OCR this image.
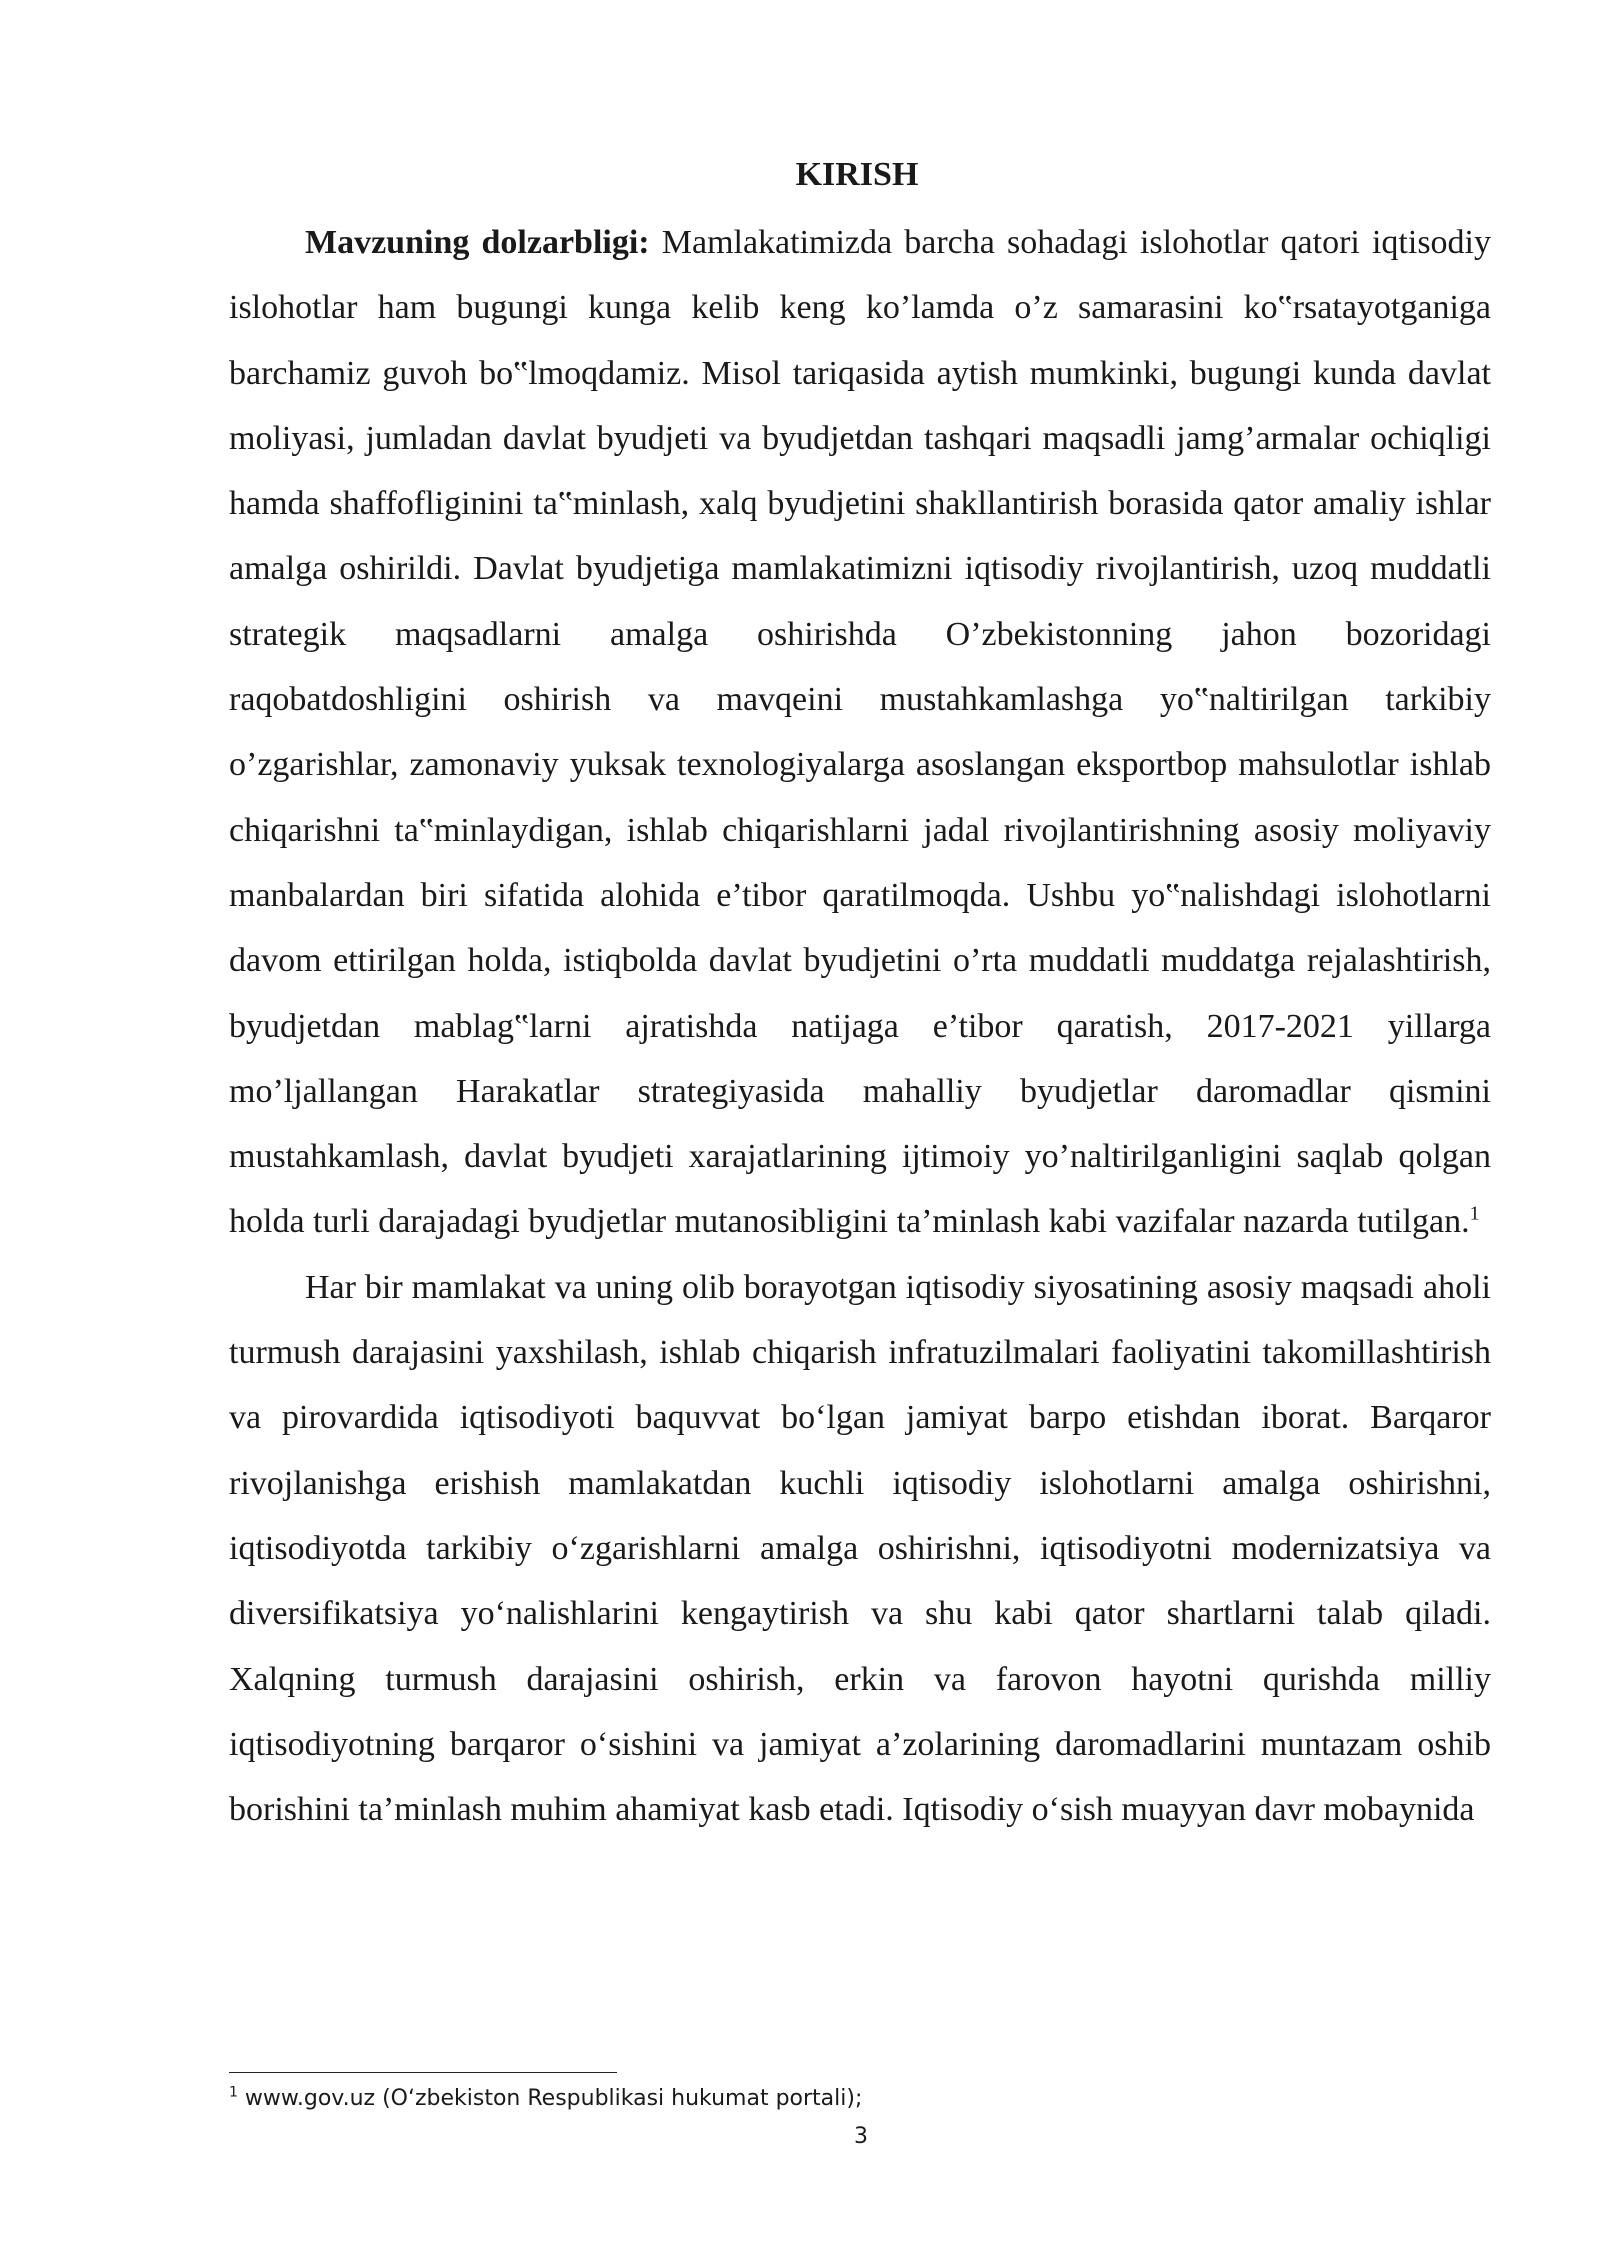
KIRISH

Mavzuning dolzarbligi: Mamlakatimizda barcha sohadagi islohotlar qatori iqtisodiy islohotlar ham bugungi kunga kelib keng ko’lamda o’z samarasini ko‟rsatayotganiga barchamiz guvoh bo‟lmoqdamiz. Misol tariqasida aytish mumkinki, bugungi kunda davlat moliyasi, jumladan davlat byudjeti va byudjetdan tashqari maqsadli jamg’armalar ochiqligi hamda shaffofliginini ta‟minlash, xalq byudjetini shakllantirish borasida qator amaliy ishlar amalga oshirildi. Davlat byudjetiga mamlakatimizni iqtisodiy rivojlantirish, uzoq muddatli strategik maqsadlarni amalga oshirishda O’zbekistonning jahon bozoridagi raqobatdoshligini oshirish va mavqeini mustahkamlashga yo‟naltirilgan tarkibiy o’zgarishlar, zamonaviy yuksak texnologiyalarga asoslangan eksportbop mahsulotlar ishlab chiqarishni ta‟minlaydigan, ishlab chiqarishlarni jadal rivojlantirishning asosiy moliyaviy manbalardan biri sifatida alohida e’tibor qaratilmoqda. Ushbu yo‟nalishdagi islohotlarni davom ettirilgan holda, istiqbolda davlat byudjetini o’rta muddatli muddatga rejalashtirish, byudjetdan mablag‟larni ajratishda natijaga e’tibor qaratish, 2017-2021 yillarga mo’ljallangan Harakatlar strategiyasida mahalliy byudjetlar daromadlar qismini mustahkamlash, davlat byudjeti xarajatlarining ijtimoiy yo’naltirilganligini saqlab qolgan holda turli darajadagi byudjetlar mutanosibligini ta’minlash kabi vazifalar nazarda tutilgan.$^1$

Har bir mamlakat va uning olib borayotgan iqtisodiy siyosatining asosiy maqsadi aholi turmush darajasini yaxshilash, ishlab chiqarish infratuzilmalari faoliyatini takomillashtirish va pirovardida iqtisodiyoti baquvvat bo‘lgan jamiyat barpo etishdan iborat. Barqaror rivojlanishga erishish mamlakatdan kuchli iqtisodiy islohotlarni amalga oshirishni, iqtisodiyotda tarkibiy o‘zgarishlarni amalga oshirishni, iqtisodiyotni modernizatsiya va diversifikatsiya yo‘nalishlarini kengaytirish va shu kabi qator shartlarni talab qiladi. Xalqning turmush darajasini oshirish, erkin va farovon hayotni qurishda milliy iqtisodiyotning barqaror o‘sishini va jamiyat a’zolarining daromadlarini muntazam oshib borishini ta’minlash muhim ahamiyat kasb etadi. Iqtisodiy o‘sish muayyan davr mobaynida

$^1$ www.gov.uz (O‘zbekiston Respublikasi hukumat portali);

3
